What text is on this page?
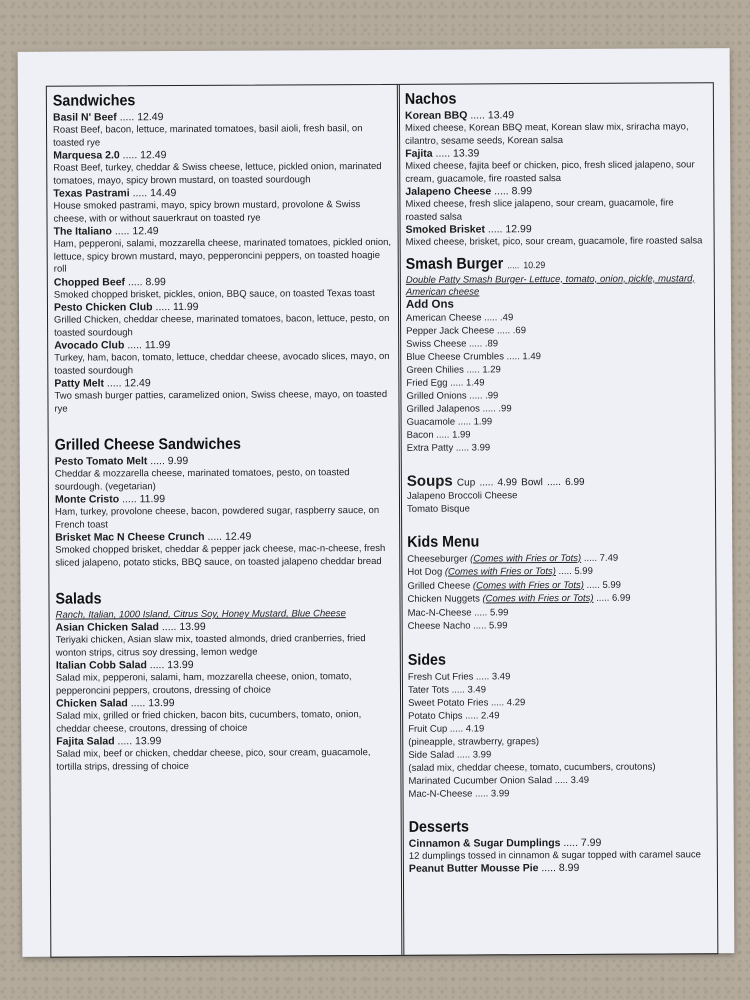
Sandwiches
Basil N' Beef ..... 12.49
Roast Beef, bacon, lettuce, marinated tomatoes, basil aioli, fresh basil, on toasted rye
Marquesa 2.0 ..... 12.49
Roast Beef, turkey, cheddar & Swiss cheese, lettuce, pickled onion, marinated tomatoes, mayo, spicy brown mustard, on toasted sourdough
Texas Pastrami ..... 14.49
House smoked pastrami, mayo, spicy brown mustard, provolone & Swiss cheese, with or without sauerkraut on toasted rye
The Italiano ..... 12.49
Ham, pepperoni, salami, mozzarella cheese, marinated tomatoes, pickled onion, lettuce, spicy brown mustard, mayo, pepperoncini peppers, on toasted hoagie roll
Chopped Beef ..... 8.99
Smoked chopped brisket, pickles, onion, BBQ sauce, on toasted Texas toast
Pesto Chicken Club ..... 11.99
Grilled Chicken, cheddar cheese, marinated tomatoes, bacon, lettuce, pesto, on toasted sourdough
Avocado Club ..... 11.99
Turkey, ham, bacon, tomato, lettuce, cheddar cheese, avocado slices, mayo, on toasted sourdough
Patty Melt ..... 12.49
Two smash burger patties, caramelized onion, Swiss cheese, mayo, on toasted rye
Grilled Cheese Sandwiches
Pesto Tomato Melt ..... 9.99
Cheddar & mozzarella cheese, marinated tomatoes, pesto, on toasted sourdough. (vegetarian)
Monte Cristo ..... 11.99
Ham, turkey, provolone cheese, bacon, powdered sugar, raspberry sauce, on French toast
Brisket Mac N Cheese Crunch ..... 12.49
Smoked chopped brisket, cheddar & pepper jack cheese, mac-n-cheese, fresh sliced jalapeno, potato sticks, BBQ sauce, on toasted jalapeno cheddar bread
Salads
Ranch, Italian, 1000 Island, Citrus Soy, Honey Mustard, Blue Cheese
Asian Chicken Salad ..... 13.99
Teriyaki chicken, Asian slaw mix, toasted almonds, dried cranberries, fried wonton strips, citrus soy dressing, lemon wedge
Italian Cobb Salad ..... 13.99
Salad mix, pepperoni, salami, ham, mozzarella cheese, onion, tomato, pepperoncini peppers, croutons, dressing of choice
Chicken Salad ..... 13.99
Salad mix, grilled or fried chicken, bacon bits, cucumbers, tomato, onion, cheddar cheese, croutons, dressing of choice
Fajita Salad ..... 13.99
Salad mix, beef or chicken, cheddar cheese, pico, sour cream, guacamole, tortilla strips, dressing of choice
Nachos
Korean BBQ ..... 13.49
Mixed cheese, Korean BBQ meat, Korean slaw mix, sriracha mayo, cilantro, sesame seeds, Korean salsa
Fajita ..... 13.39
Mixed cheese, fajita beef or chicken, pico, fresh sliced jalapeno, sour cream, guacamole, fire roasted salsa
Jalapeno Cheese ..... 8.99
Mixed cheese, fresh slice jalapeno, sour cream, guacamole, fire roasted salsa
Smoked Brisket ..... 12.99
Mixed cheese, brisket, pico, sour cream, guacamole, fire roasted salsa
Smash Burger ..... 10.29
Double Patty Smash Burger- Lettuce, tomato, onion, pickle, mustard, American cheese
Add Ons
American Cheese ..... .49
Pepper Jack Cheese ..... .69
Swiss Cheese ..... .89
Blue Cheese Crumbles ..... 1.49
Green Chilies ..... 1.29
Fried Egg ..... 1.49
Grilled Onions ..... .99
Grilled Jalapenos ..... .99
Guacamole ..... 1.99
Bacon ..... 1.99
Extra Patty ..... 3.99
Soups Cup ..... 4.99 Bowl ..... 6.99
Jalapeno Broccoli Cheese
Tomato Bisque
Kids Menu
Cheeseburger (Comes with Fries or Tots) ..... 7.49
Hot Dog (Comes with Fries or Tots) ..... 5.99
Grilled Cheese (Comes with Fries or Tots) ..... 5.99
Chicken Nuggets (Comes with Fries or Tots) ..... 6.99
Mac-N-Cheese ..... 5.99
Cheese Nacho ..... 5.99
Sides
Fresh Cut Fries ..... 3.49
Tater Tots ..... 3.49
Sweet Potato Fries ..... 4.29
Potato Chips ..... 2.49
Fruit Cup ..... 4.19
(pineapple, strawberry, grapes)
Side Salad ..... 3.99
(salad mix, cheddar cheese, tomato, cucumbers, croutons)
Marinated Cucumber Onion Salad ..... 3.49
Mac-N-Cheese ..... 3.99
Desserts
Cinnamon & Sugar Dumplings ..... 7.99
12 dumplings tossed in cinnamon & sugar topped with caramel sauce
Peanut Butter Mousse Pie ..... 8.99
